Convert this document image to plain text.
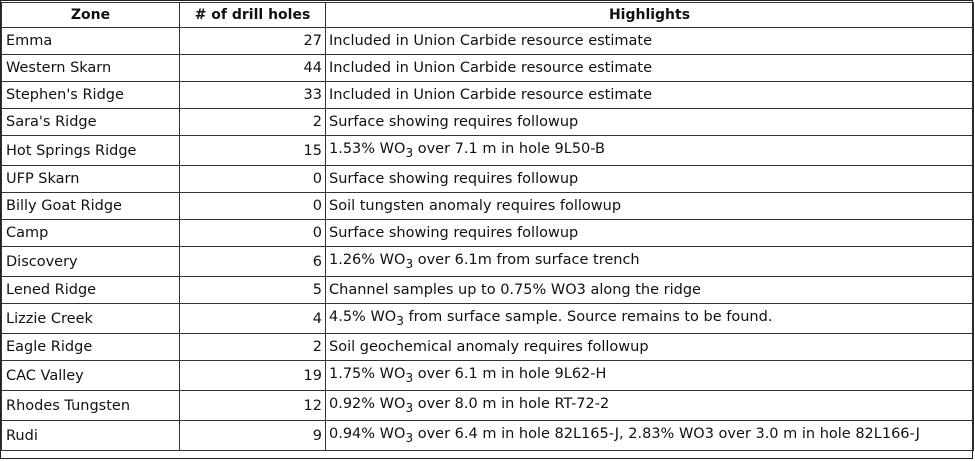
Zone	# of drill holes	Highlights
Emma	27	Included in Union Carbide resource estimate
Western Skarn	44	Included in Union Carbide resource estimate
Stephen's Ridge	33	Included in Union Carbide resource estimate
Sara's Ridge	2	Surface showing requires followup
Hot Springs Ridge	15	1.53% $WO_3$ over 7.1 m in hole 9L50-B
UFP Skarn	0	Surface showing requires followup
Billy Goat Ridge	0	Soil tungsten anomaly requires followup
Camp	0	Surface showing requires followup
Discovery	6	1.26% $WO_3$ over 6.1m from surface trench
Lened Ridge	5	Channel samples up to 0.75% WO3 along the ridge
Lizzie Creek	4	4.5% $WO_3$ from surface sample. Source remains to be found.
Eagle Ridge	2	Soil geochemical anomaly requires followup
CAC Valley	19	1.75% $WO_3$ over 6.1 m in hole 9L62-H
Rhodes Tungsten	12	0.92% $WO_3$ over 8.0 m in hole RT-72-2
Rudi	9	0.94% $WO_3$ over 6.4 m in hole 82L165-J, 2.83% WO3 over 3.0 m in hole 82L166-J
